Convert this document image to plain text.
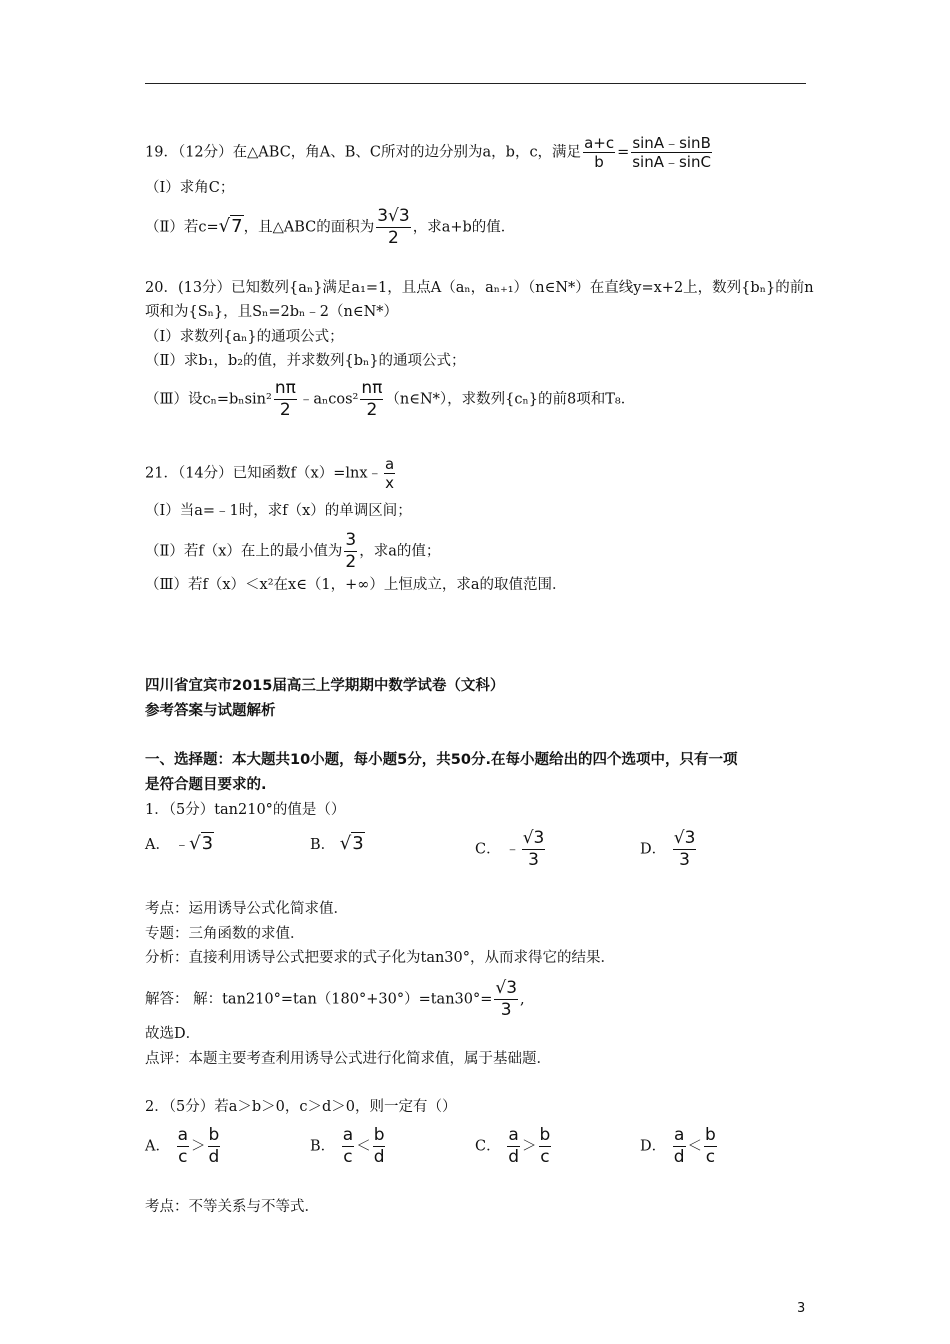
19．（12分）在△ABC，角A、B、C所对的边分别为a，b，c，满足 $\frac{a+c}{b} = \frac{\sin A﹣\sin B}{\sin A﹣\sin C}$
（Ⅰ）求角C；
（Ⅱ）若c=√7，且△ABC的面积为 $\frac{3√3}{2}$ ，求a+b的值．
20．(13分）已知数列{aₙ}满足a₁=1，且点A（aₙ，aₙ₊₁）（n∈N*）在直线y=x+2上，数列{bₙ}的前n
项和为{Sₙ}，且Sₙ=2bₙ﹣2（n∈N*）
（Ⅰ）求数列{aₙ}的通项公式；
（Ⅱ）求b₁，b₂的值，并求数列{bₙ}的通项公式；
（Ⅲ）设$c_n=b_n\sin^2 \frac{n\pi}{2}$ ﹣aₙcos² $\frac{n\pi}{2}$ （n∈N*），求数列{cₙ}的前8项和T₈．
21．（14分）已知函数f（x）=lnx﹣ $\frac{a}{x}$
（Ⅰ）当a=﹣1时，求f（x）的单调区间；
（Ⅱ）若f（x）在上的最小值为 $\frac{3}{2}$ ，求a的值；
（Ⅲ）若f（x）＜x²在x∈（1，+∞）上恒成立，求a的取值范围．
四川省宜宾市2015届高三上学期期中数学试卷（文科）
参考答案与试题解析
一、选择题：本大题共10小题，每小题5分，共50分.在每小题给出的四个选项中，只有一项
是符合题目要求的.
1．（5分）tan210°的值是（）
A． ﹣√3	B． √3	C． ﹣ $\frac{√3}{3}$	D． $\frac{√3}{3}$
考点：运用诱导公式化简求值．
专题：三角函数的求值．
分析：直接利用诱导公式把要求的式子化为tan30°，从而求得它的结果．
解答： 解：$\tan 210^\circ=\tan(180^\circ+30^\circ)=\tan 30^\circ= \frac{√3}{3}$ ,
故选D．
点评：本题主要考查利用诱导公式进行化简求值，属于基础题．
2．（5分）若a＞b＞0，c＞d＞0，则一定有（）
A． $\frac{a}{c} > \frac{b}{d}$	B． $\frac{a}{c} < \frac{b}{d}$	C． $\frac{a}{d} > \frac{b}{c}$	D． $\frac{a}{d} < \frac{b}{c}$
考点：不等关系与不等式．
3
